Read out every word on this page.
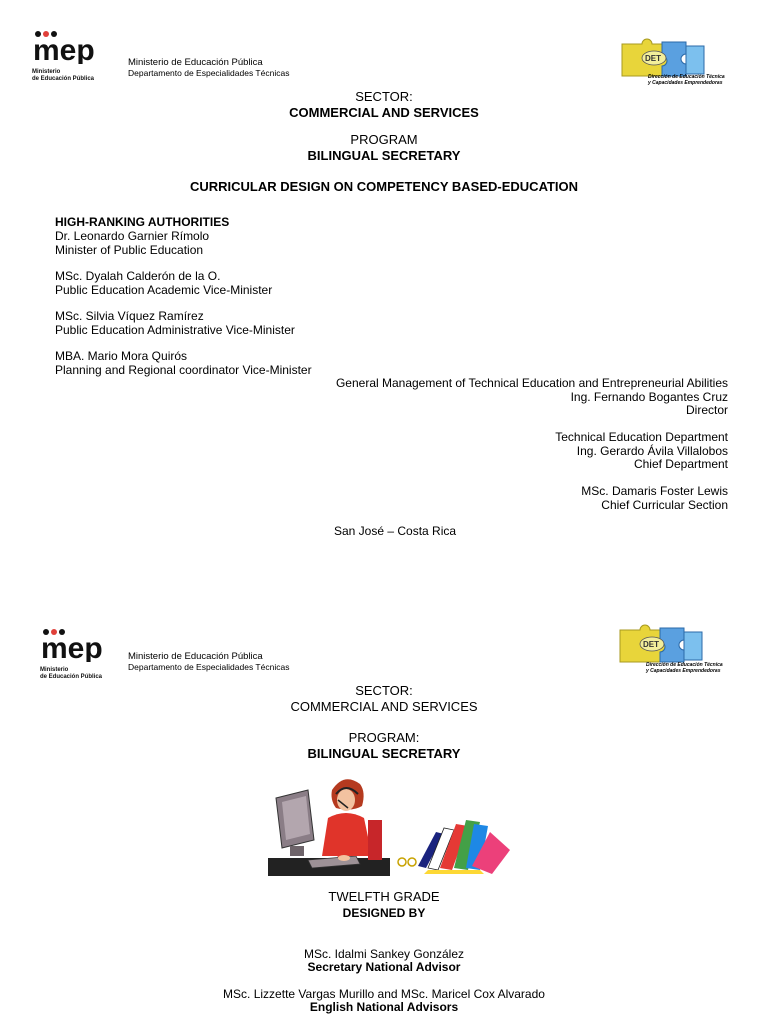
mep
Ministerio
de Educación Pública
Ministerio de Educación Pública
Departamento de Especialidades Técnicas
DET
Dirección de Educación Técnica
y Capacidades Emprendedoras
SECTOR:
COMMERCIAL AND SERVICES
PROGRAM
BILINGUAL SECRETARY
CURRICULAR DESIGN ON COMPETENCY BASED-EDUCATION
HIGH-RANKING AUTHORITIES
Dr. Leonardo Garnier Rímolo
Minister of Public Education
MSc. Dyalah Calderón de la O.
Public Education Academic Vice-Minister
MSc. Silvia Víquez Ramírez
Public Education Administrative Vice-Minister
MBA. Mario Mora Quirós
Planning and Regional coordinator Vice-Minister
General Management of Technical Education and Entrepreneurial Abilities
Ing. Fernando Bogantes Cruz
Director
Technical Education Department
Ing. Gerardo Ávila Villalobos
Chief Department
MSc. Damaris Foster Lewis
Chief Curricular Section
San José – Costa Rica
mep
Ministerio
de Educación Pública
Ministerio de Educación Pública
Departamento de Especialidades Técnicas
DET
Dirección de Educación Técnica
y Capacidades Emprendedoras
SECTOR:
COMMERCIAL AND SERVICES
PROGRAM:
BILINGUAL SECRETARY
TWELFTH GRADE
DESIGNED BY
MSc. Idalmi Sankey González
Secretary National Advisor
MSc. Lizzette Vargas Murillo and MSc. Maricel Cox Alvarado
English National Advisors
